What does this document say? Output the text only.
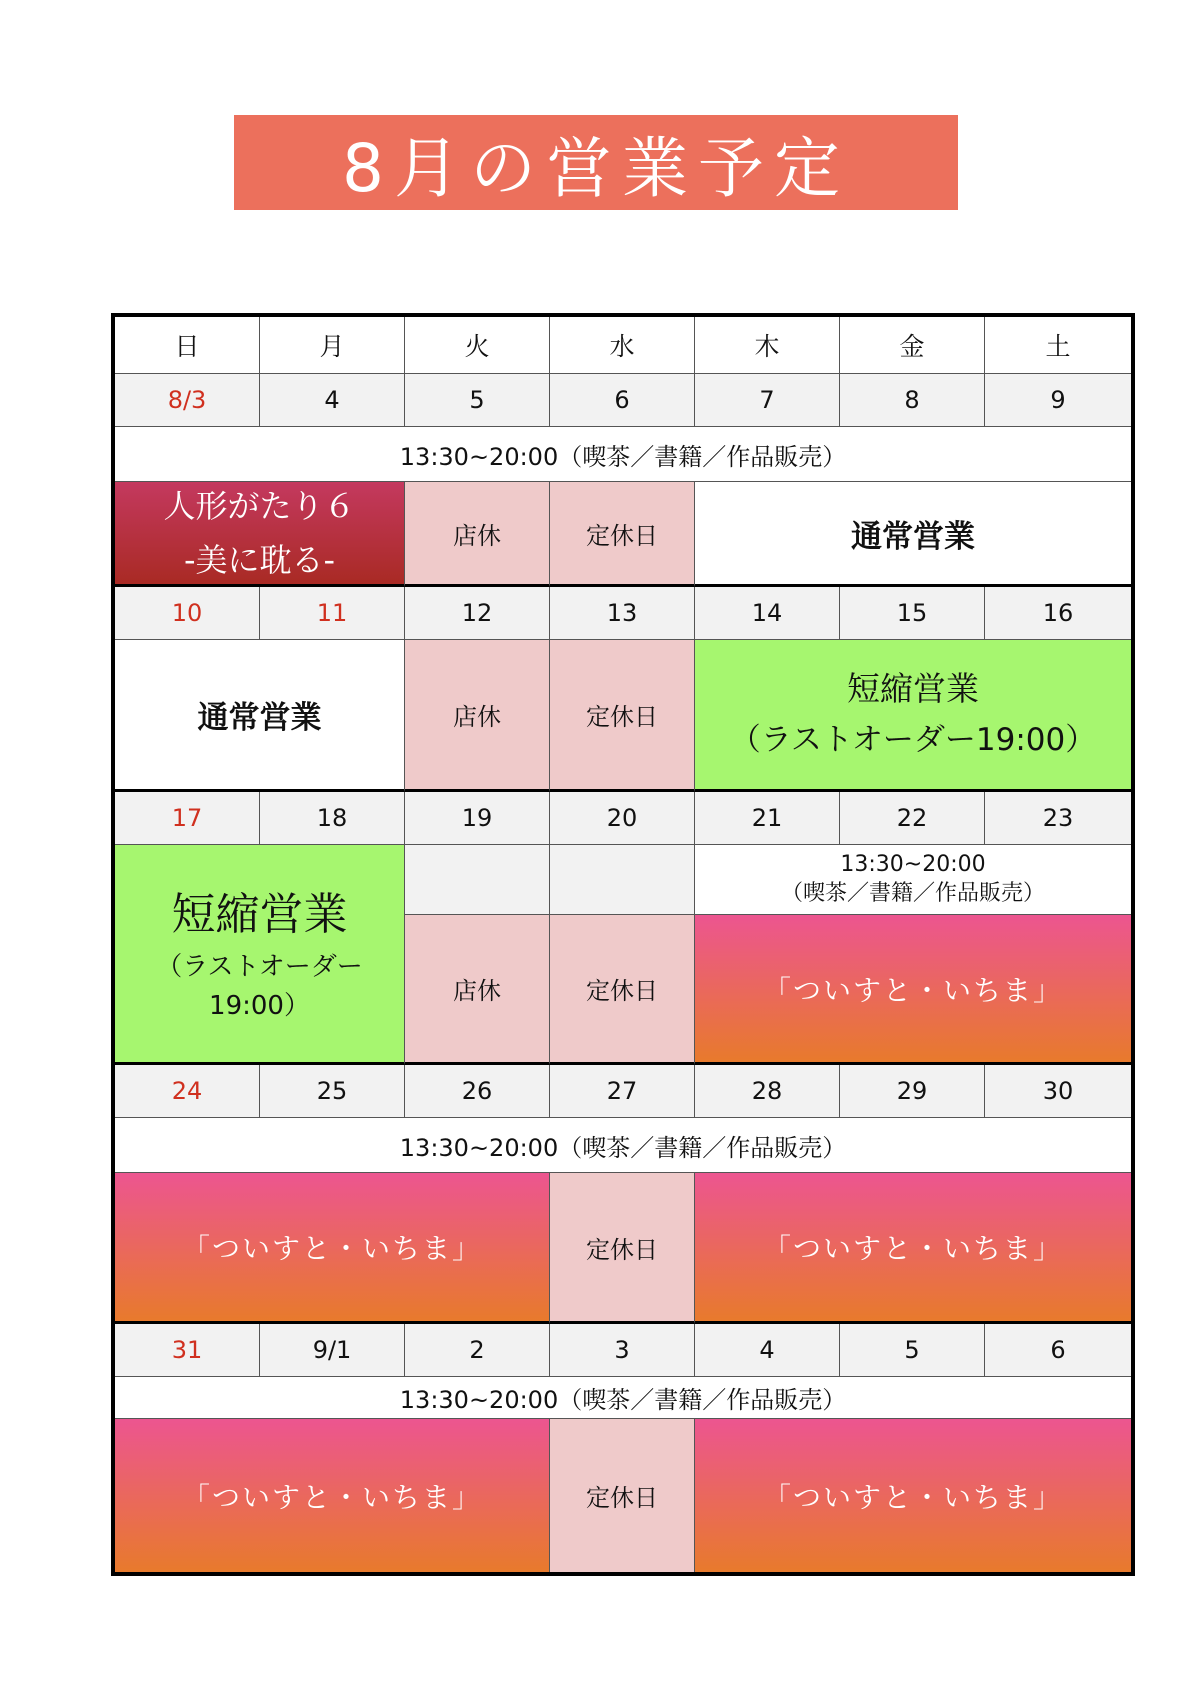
8月の営業予定
日	月	火	水	木	金	土
8/3	4	5	6	7	8	9
13:30~20:00（喫茶／書籍／作品販売）
人形がたり６
-美に耽る-
店休	定休日	通常営業
10	11	12	13	14	15	16
通常営業	店休	定休日
短縮営業
（ラストオーダー19:00）
17	18	19	20	21	22	23
短縮営業
（ラストオーダー19:00）
13:30~20:00
（喫茶／書籍／作品販売）
店休	定休日	「ついすと・いちま」
24	25	26	27	28	29	30
13:30~20:00（喫茶／書籍／作品販売）
「ついすと・いちま」	定休日	「ついすと・いちま」
31	9/1	2	3	4	5	6
13:30~20:00（喫茶／書籍／作品販売）
「ついすと・いちま」	定休日	「ついすと・いちま」
